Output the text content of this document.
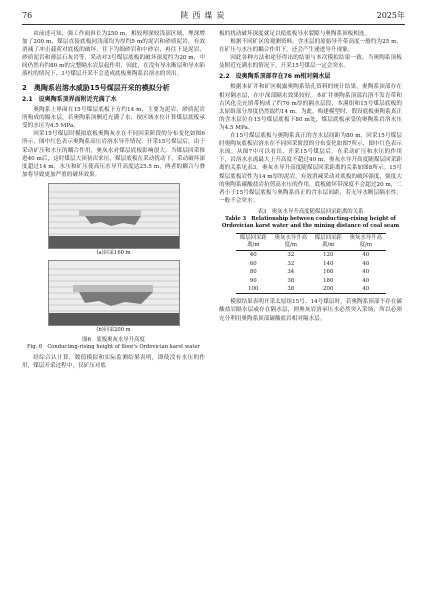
76	陕西煤炭	2025年

由前述可知，强工作面斜长为250 m，相较理深较浅部区域，埋深增加了200 m，煤层直接底板同浅部均为厚约5 m的泥岩和砂质泥岩，有效消减了冲击载荷对底板的破坏，往下为细砂岩和中砂岩，再往下是泥岩、砂质泥岩和薄层石灰岩等，采动对3号煤层底板的破坏深度约为20 m，中间仍然有约80 m的完整隔水岩层起作用，因此，在没有导水断层和导水陷落柱的情况下，3号煤层开采不会造成底板奥陶系岩溶水的突出。

2　奥陶系岩溶水威胁15号煤层开采的模拟分析
2.1　设奥陶系顶界面附近充满了水

奥陶系上界面在15号煤层底板下方约14 m，主要为泥岩、砂质泥岩所构成的隔水层，若奥陶系顶侧近充满了水，按区域水位计算煤层底板承受的水压为4.5 MPa。

回采15号煤层时模拟底板奥陶灰水在不同回采阶段的分布变化如图6所示，图中红色表示奥陶系高压岩溶水导升情况。开采15号煤层后，由于采动矿压和水压的耦合作用，奥灰水对煤层底板影响很大。当煤层回采推进40 m后，这时煤层大顶初次来压，煤层底板在采动扰动下，采动破坏深度超过14 m，水压和矿压使高压水导升高度达25.5 m，两者的耦合与叠加将导致更加严重的破坏效果。

(a)回采160 m
(b)回采200 m
图6　底板奥灰水导升高度
Fig. 6　Conducting-rising height of floor's Ordovician karst water

经综合认计算、数值模拟和实际监测结果表明，即使没有水压的作用，煤层开采过程中，仅矿压对底

板的扰动破坏深度就足以使底板导水裂隙与奥陶系顶板相连。

根据不同矿区的观测资料，含水层的原始导升带高度一般约为25 m，在矿压与水压的耦合作用下，还会产生递进导升现象。

因此各种方法和途径得出的结果与本次模拟结果一致，当奥陶系顶板及附近充满水的情况下，开采15号煤层一定会突水。

2.2　设奥陶系顶部存在76 m相对隔水层

根据本矿井和矿区揭露奥陶系钻孔资料的统计结果，奥陶系顶部存在相对隔水层，在中深部隔水效果较好。本矿井奥陶系顶部岩溶不发育带和古风化壳充填带构成了约76 m厚的隔水层段，本溪组和15号煤层底板的太原组部分厚度仍然取约14 m。为此，构建模型时，假设底板奥陶系真正的含水层位在15号煤层底板下80 m处，煤层底板承受的奥陶系岩溶水压为4.5 MPa。

在15号煤层底板与奥陶系真正的含水层间距为80 m，回采15号煤层时奥陶灰底板岩溶水在不同回采阶段的分布变化如图7所示，图中红色表示水流。从图7中可以看出，开采15号煤层后，在采动矿压和水压的作用下，岩溶水水流最大上升高度不超过40 m，奥灰水导升高度随煤层回采距离的关系见表3。奥灰水导升高度随煤层回采距离的关系如图8所示。15号煤层底板岩性为14 m厚的泥岩，有效消减采动对底板的破坏强度，强度大的奥陶系碳酸盐岩抗剪高水压的作用，底板破坏带深度不会超过20 m，二者小于15号煤层底板与奥陶系真正的含水层间距，若无导水断层隔水性，一般不会突水。

表3　奥灰水导升高度随煤层回采距离的关系
Table 3　Relationship between conducting-rising height of Ordovician karst water and the mining distance of coal seam
煤层回采距离/m	奥灰水导升高度/m	煤层回采距离/m	奥灰水导升高度/m
40	32	120	40
60	32	140	40
80	34	160	40
90	38	180	40
100	38	200	40

模拟结果表明开采太原组15号、14号煤层时，若奥陶系顶部不存在碳酸盐岩隔水层或存在隔水层，则奥灰岩溶承压水必然突入采场，所以必须充分利用奥陶系顶部碳酸盐岩相对隔水层。
